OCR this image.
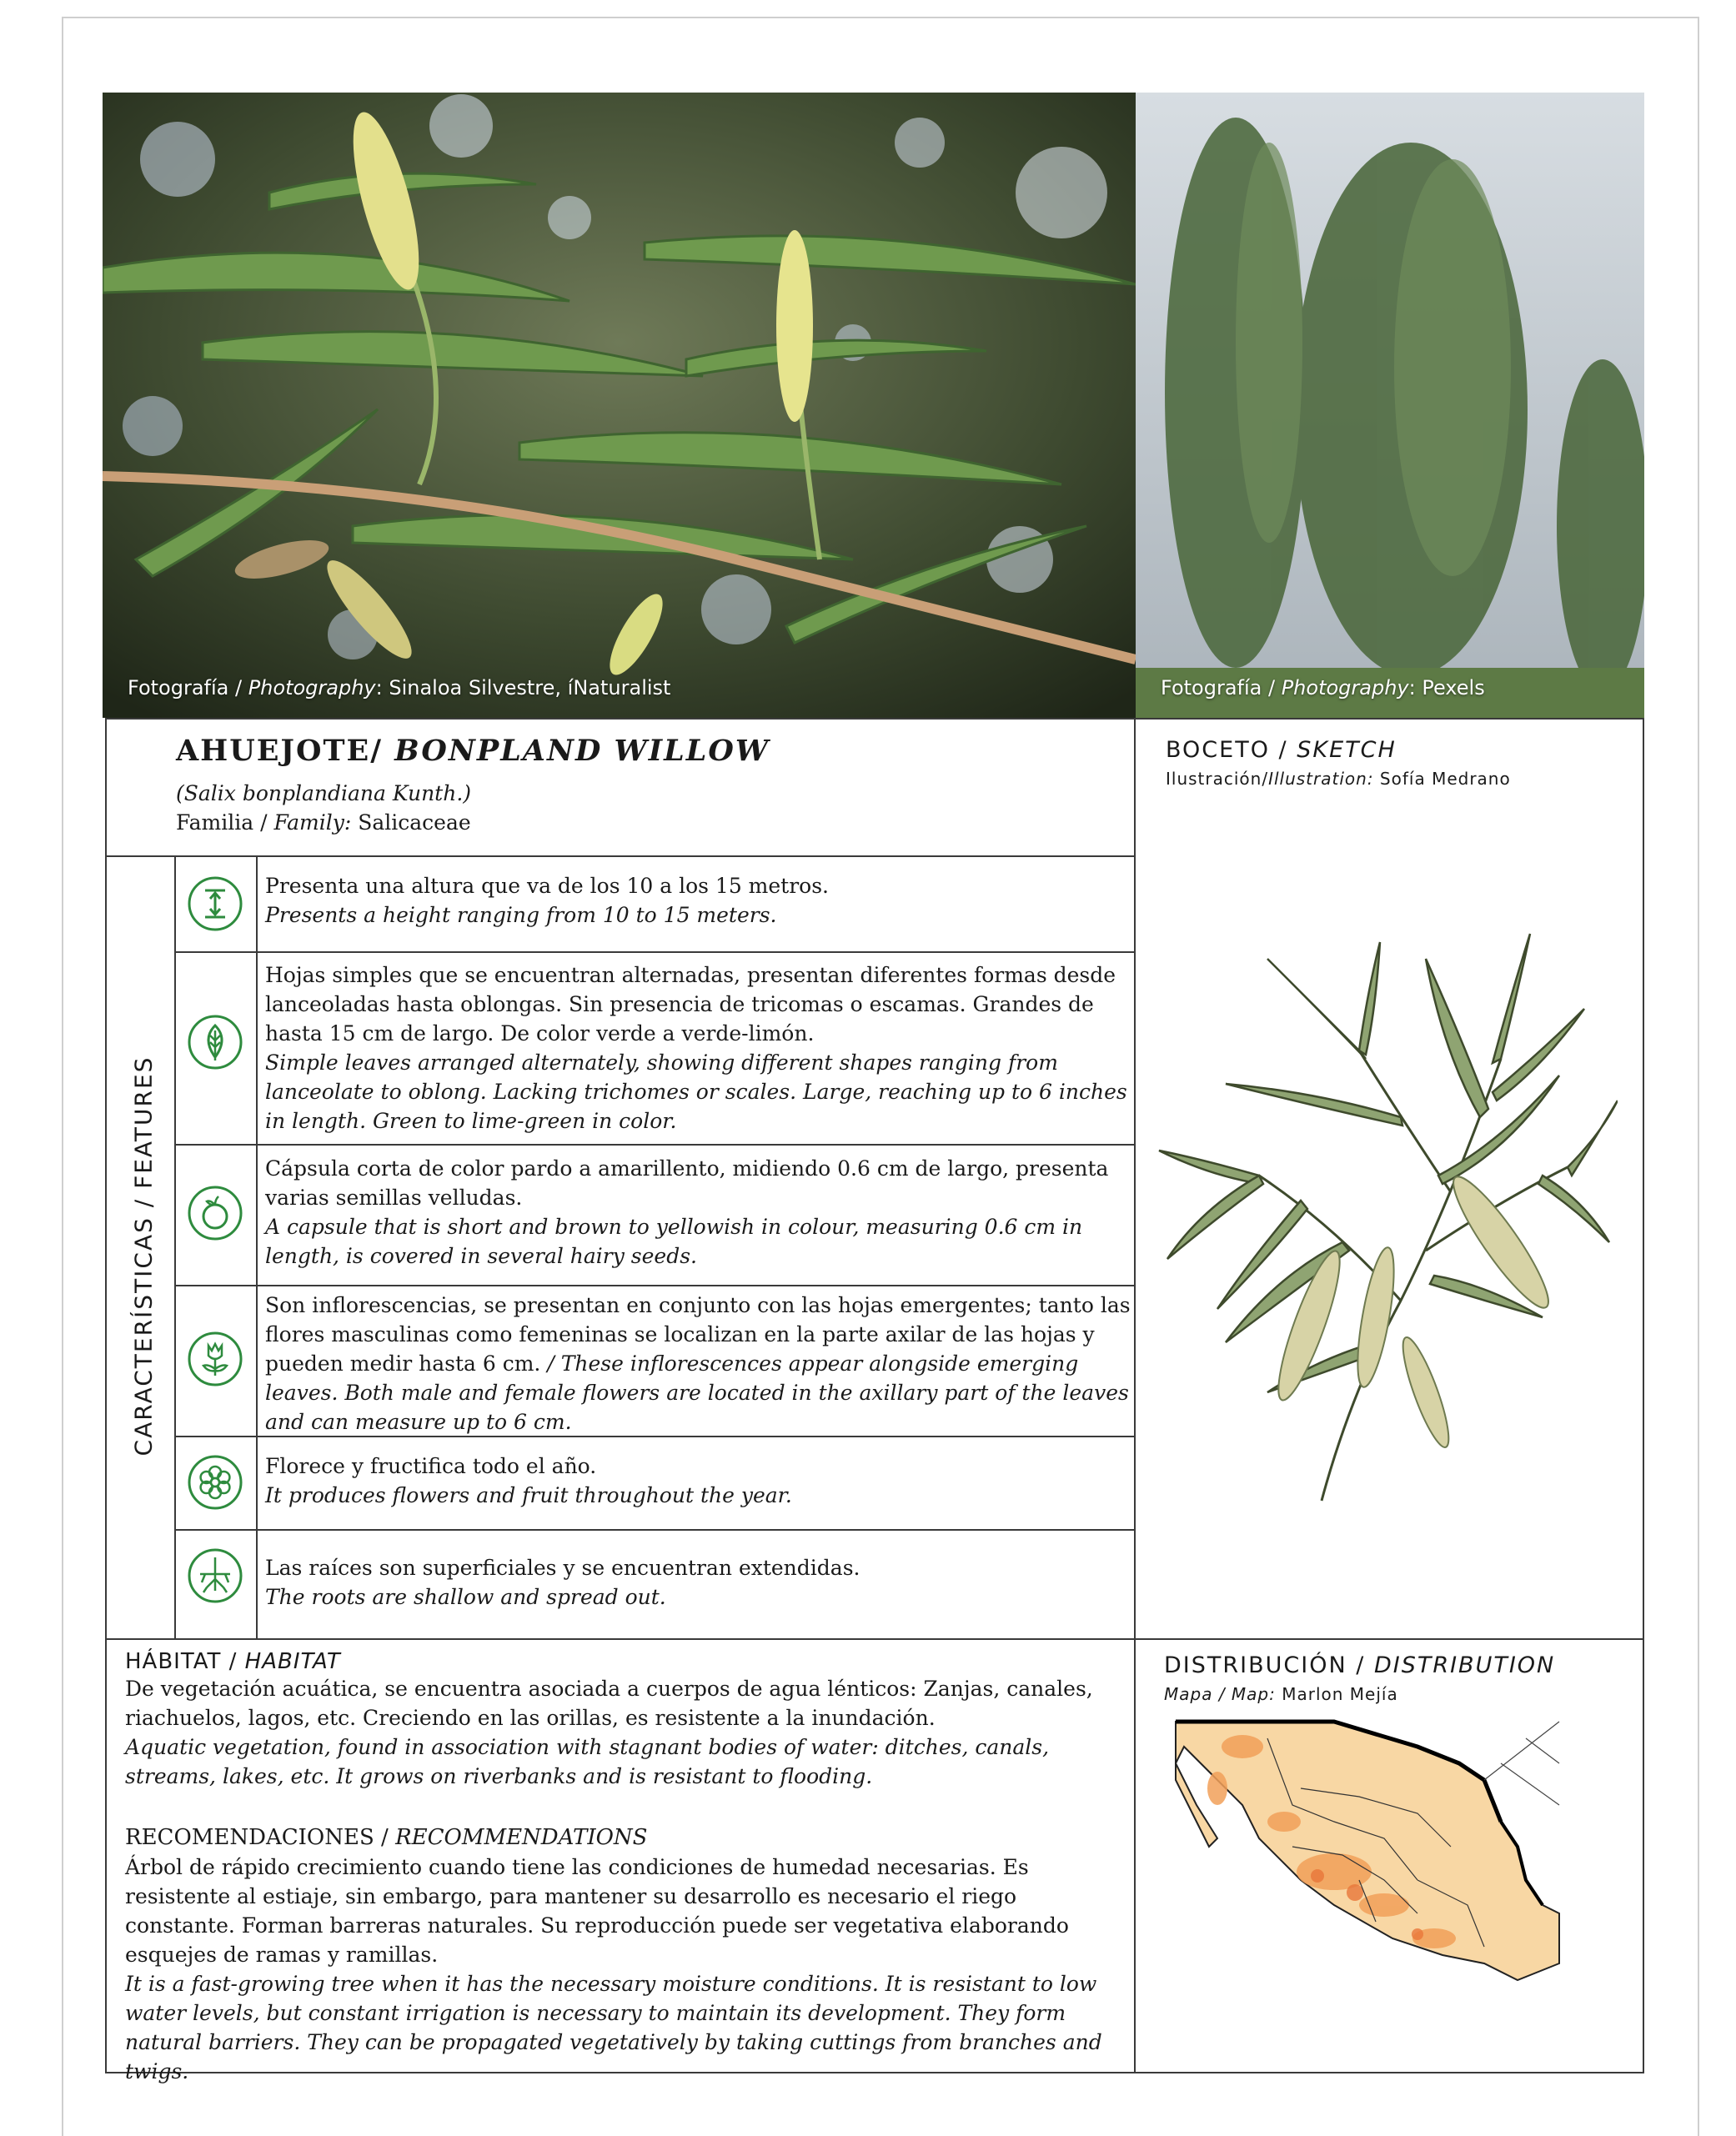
Fotografía / Photography: Sinaloa Silvestre, íNaturalist	Fotografía / Photography: Pexels
AHUEJOTE/ BONPLAND WILLOW
(Salix bonplandiana Kunth.)
Familia / Family: Salicaceae
BOCETO / SKETCH
Ilustración/Illustration: Sofía Medrano
CARACTERÍSTICAS / FEATURES
Presenta una altura que va de los 10 a los 15 metros.
Presents a height ranging from 10 to 15 meters.
Hojas simples que se encuentran alternadas, presentan diferentes formas desde lanceoladas hasta oblongas. Sin presencia de tricomas o escamas. Grandes de hasta 15 cm de largo. De color verde a verde-limón.
Simple leaves arranged alternately, showing different shapes ranging from lanceolate to oblong. Lacking trichomes or scales. Large, reaching up to 6 inches in length. Green to lime-green in color.
Cápsula corta de color pardo a amarillento, midiendo 0.6 cm de largo, presenta varias semillas velludas.
A capsule that is short and brown to yellowish in colour, measuring 0.6 cm in length, is covered in several hairy seeds.
Son inflorescencias, se presentan en conjunto con las hojas emergentes; tanto las flores masculinas como femeninas se localizan en la parte axilar de las hojas y pueden medir hasta 6 cm. / These inflorescences appear alongside emerging leaves. Both male and female flowers are located in the axillary part of the leaves and can measure up to 6 cm.
Florece y fructifica todo el año.
It produces flowers and fruit throughout the year.
Las raíces son superficiales y se encuentran extendidas.
The roots are shallow and spread out.
HÁBITAT / HABITAT
De vegetación acuática, se encuentra asociada a cuerpos de agua lénticos: Zanjas, canales, riachuelos, lagos, etc. Creciendo en las orillas, es resistente a la inundación.
Aquatic vegetation, found in association with stagnant bodies of water: ditches, canals, streams, lakes, etc. It grows on riverbanks and is resistant to flooding.
RECOMENDACIONES / RECOMMENDATIONS
Árbol de rápido crecimiento cuando tiene las condiciones de humedad necesarias. Es resistente al estiaje, sin embargo, para mantener su desarrollo es necesario el riego constante. Forman barreras naturales. Su reproducción puede ser vegetativa elaborando esquejes de ramas y ramillas.
It is a fast-growing tree when it has the necessary moisture conditions. It is resistant to low water levels, but constant irrigation is necessary to maintain its development. They form natural barriers. They can be propagated vegetatively by taking cuttings from branches and twigs.
DISTRIBUCIÓN / DISTRIBUTION
Mapa / Map: Marlon Mejía
